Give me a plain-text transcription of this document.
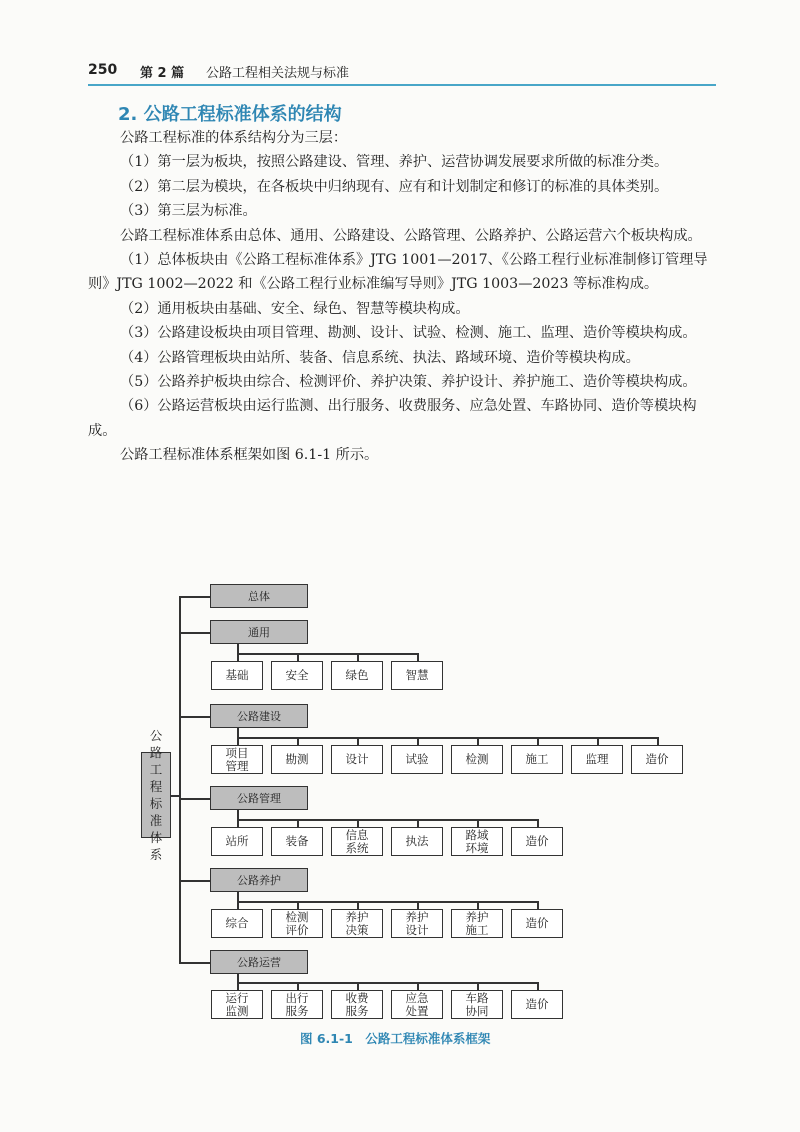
250 第 2 篇 公路工程相关法规与标准
2. 公路工程标准体系的结构

公路工程标准的体系结构分为三层：

（1）第一层为板块，按照公路建设、管理、养护、运营协调发展要求所做的标准分类。

（2）第二层为模块，在各板块中归纳现有、应有和计划制定和修订的标准的具体类别。

（3）第三层为标准。

公路工程标准体系由总体、通用、公路建设、公路管理、公路养护、公路运营六个板块构成。

（1）总体板块由《公路工程标准体系》JTG 1001—2017、《公路工程行业标准制修订管理导则》JTG 1002—2022 和《公路工程行业标准编写导则》JTG 1003—2023 等标准构成。

（2）通用板块由基础、安全、绿色、智慧等模块构成。

（3）公路建设板块由项目管理、勘测、设计、试验、检测、施工、监理、造价等模块构成。

（4）公路管理板块由站所、装备、信息系统、执法、路域环境、造价等模块构成。

（5）公路养护板块由综合、检测评价、养护决策、养护设计、养护施工、造价等模块构成。

（6）公路运营板块由运行监测、出行服务、收费服务、应急处置、车路协同、造价等模块构成。

公路工程标准体系框架如图 6.1-1 所示。

公路
工程
标准
体系
总体
通用
基础	安全	绿色	智慧
公路建设
项目
管理	勘测	设计	试验	检测	施工	监理	造价
公路管理
站所	装备	信息
系统	执法	路域
环境	造价
公路养护
综合	检测
评价
养护
决策
养护
设计
养护
施工	造价
公路运营
运行
监测
出行
服务
收费
服务
应急
处置
车路
协同	造价
图 6.1-1　公路工程标准体系框架
